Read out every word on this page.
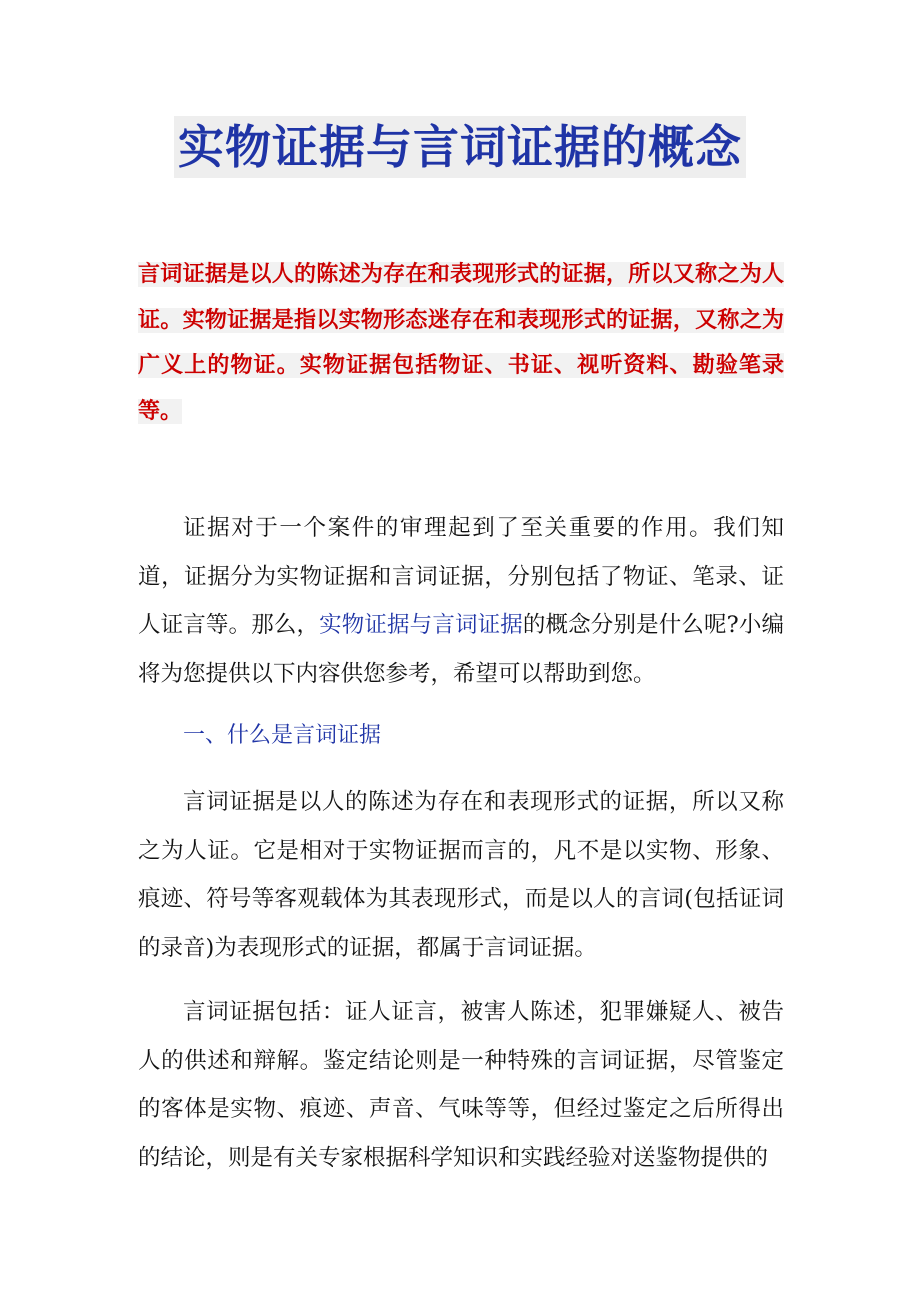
实物证据与言词证据的概念
言词证据是以人的陈述为存在和表现形式的证据，所以又称之为人证。实物证据是指以实物形态迷存在和表现形式的证据，又称之为广义上的物证。实物证据包括物证、书证、视听资料、勘验笔录等。

证据对于一个案件的审理起到了至关重要的作用。我们知道，证据分为实物证据和言词证据，分别包括了物证、笔录、证人证言等。那么，实物证据与言词证据的概念分别是什么呢?小编将为您提供以下内容供您参考，希望可以帮助到您。

一、什么是言词证据

言词证据是以人的陈述为存在和表现形式的证据，所以又称之为人证。它是相对于实物证据而言的，凡不是以实物、形象、痕迹、符号等客观载体为其表现形式，而是以人的言词(包括证词的录音)为表现形式的证据，都属于言词证据。

言词证据包括：证人证言，被害人陈述，犯罪嫌疑人、被告人的供述和辩解。鉴定结论则是一种特殊的言词证据，尽管鉴定的客体是实物、痕迹、声音、气味等等，但经过鉴定之后所得出的结论，则是有关专家根据科学知识和实践经验对送鉴物提供的
